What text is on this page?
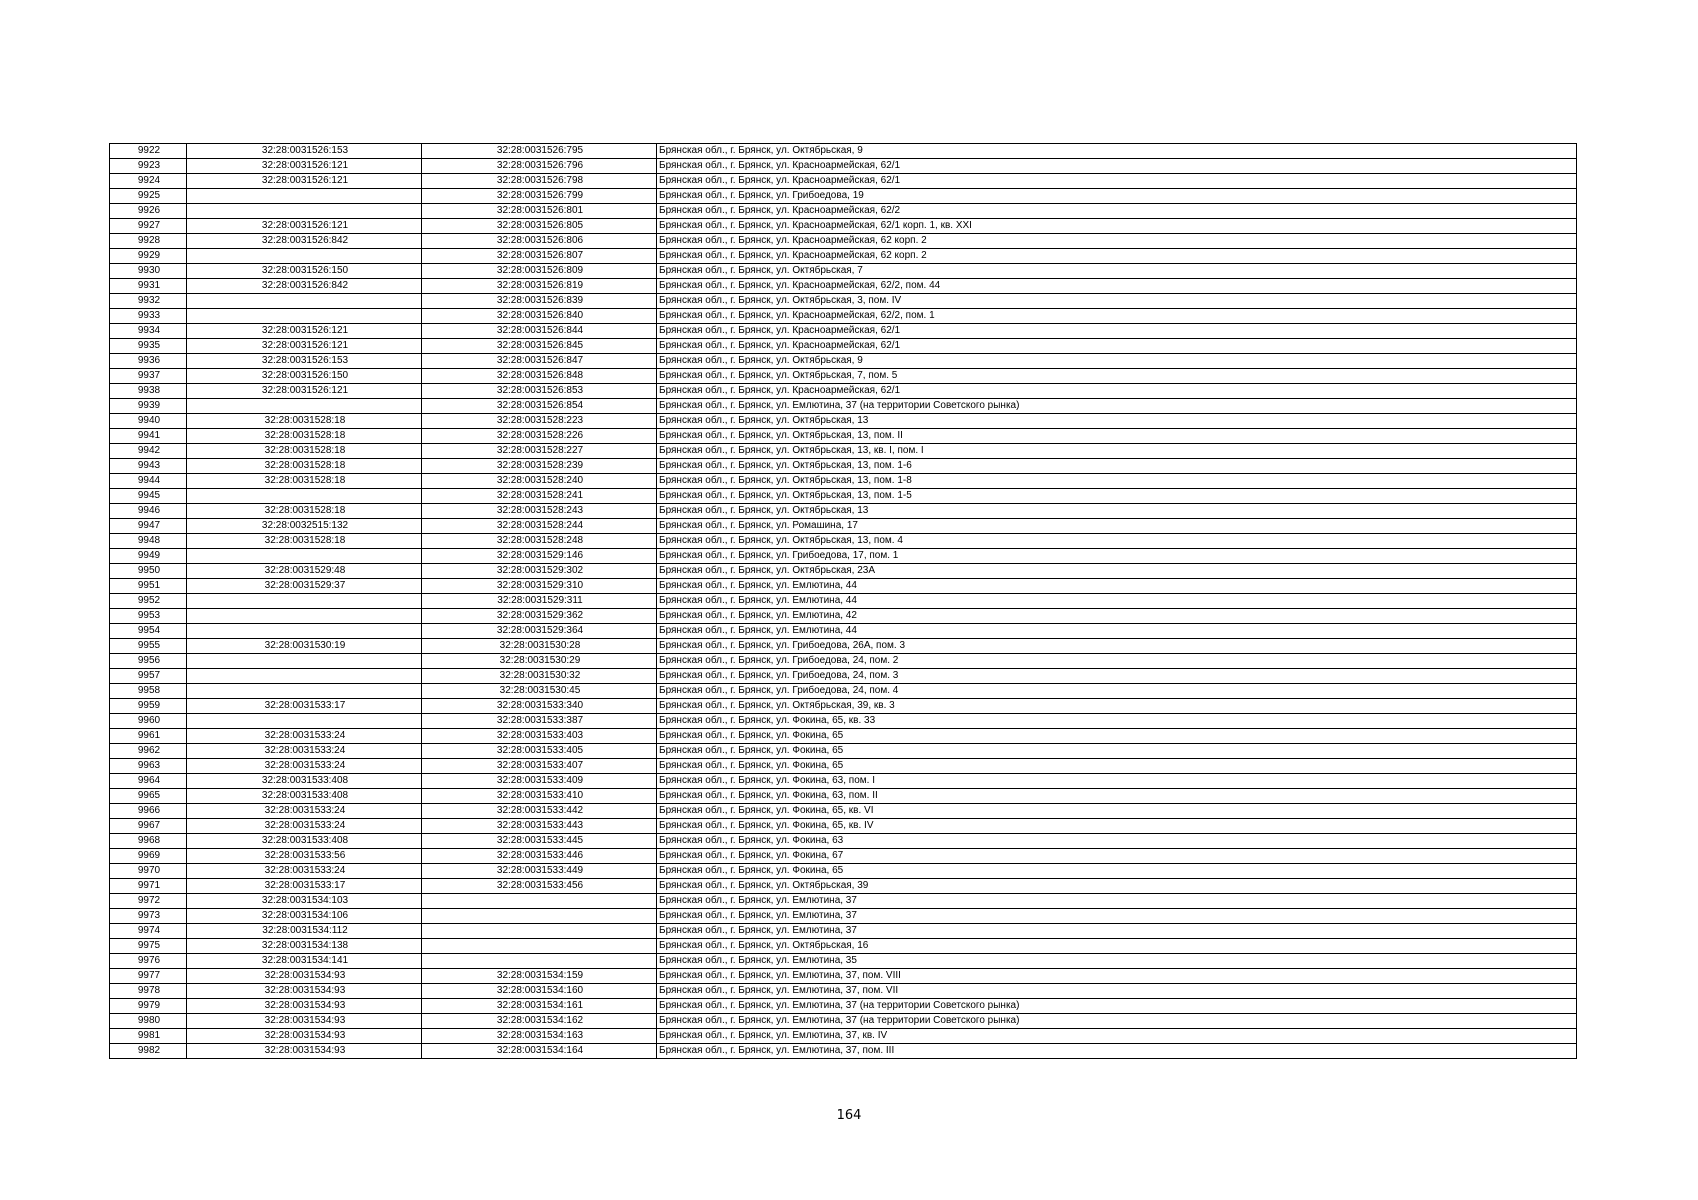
9922	32:28:0031526:153	32:28:0031526:795	Брянская обл., г. Брянск, ул. Октябрьская, 9
9923	32:28:0031526:121	32:28:0031526:796	Брянская обл., г. Брянск, ул. Красноармейская, 62/1
9924	32:28:0031526:121	32:28:0031526:798	Брянская обл., г. Брянск, ул. Красноармейская, 62/1
9925		32:28:0031526:799	Брянская обл., г. Брянск, ул. Грибоедова, 19
9926		32:28:0031526:801	Брянская обл., г. Брянск, ул. Красноармейская, 62/2
9927	32:28:0031526:121	32:28:0031526:805	Брянская обл., г. Брянск, ул. Красноармейская, 62/1 корп. 1, кв. XXI
9928	32:28:0031526:842	32:28:0031526:806	Брянская обл., г. Брянск, ул. Красноармейская, 62 корп. 2
9929		32:28:0031526:807	Брянская обл., г. Брянск, ул. Красноармейская, 62 корп. 2
9930	32:28:0031526:150	32:28:0031526:809	Брянская обл., г. Брянск, ул. Октябрьская, 7
9931	32:28:0031526:842	32:28:0031526:819	Брянская обл., г. Брянск, ул. Красноармейская, 62/2, пом. 44
9932		32:28:0031526:839	Брянская обл., г. Брянск, ул. Октябрьская, 3, пом. IV
9933		32:28:0031526:840	Брянская обл., г. Брянск, ул. Красноармейская, 62/2, пом. 1
9934	32:28:0031526:121	32:28:0031526:844	Брянская обл., г. Брянск, ул. Красноармейская, 62/1
9935	32:28:0031526:121	32:28:0031526:845	Брянская обл., г. Брянск, ул. Красноармейская, 62/1
9936	32:28:0031526:153	32:28:0031526:847	Брянская обл., г. Брянск, ул. Октябрьская, 9
9937	32:28:0031526:150	32:28:0031526:848	Брянская обл., г. Брянск, ул. Октябрьская, 7, пом. 5
9938	32:28:0031526:121	32:28:0031526:853	Брянская обл., г. Брянск, ул. Красноармейская, 62/1
9939		32:28:0031526:854	Брянская обл., г. Брянск, ул. Емлютина, 37 (на территории Советского рынка)
9940	32:28:0031528:18	32:28:0031528:223	Брянская обл., г. Брянск, ул. Октябрьская, 13
9941	32:28:0031528:18	32:28:0031528:226	Брянская обл., г. Брянск, ул. Октябрьская, 13, пом. II
9942	32:28:0031528:18	32:28:0031528:227	Брянская обл., г. Брянск, ул. Октябрьская, 13, кв. I, пом. I
9943	32:28:0031528:18	32:28:0031528:239	Брянская обл., г. Брянск, ул. Октябрьская, 13, пом. 1-6
9944	32:28:0031528:18	32:28:0031528:240	Брянская обл., г. Брянск, ул. Октябрьская, 13, пом. 1-8
9945		32:28:0031528:241	Брянская обл., г. Брянск, ул. Октябрьская, 13, пом. 1-5
9946	32:28:0031528:18	32:28:0031528:243	Брянская обл., г. Брянск, ул. Октябрьская, 13
9947	32:28:0032515:132	32:28:0031528:244	Брянская обл., г. Брянск, ул. Ромашина, 17
9948	32:28:0031528:18	32:28:0031528:248	Брянская обл., г. Брянск, ул. Октябрьская, 13, пом. 4
9949		32:28:0031529:146	Брянская обл., г. Брянск, ул. Грибоедова, 17, пом. 1
9950	32:28:0031529:48	32:28:0031529:302	Брянская обл., г. Брянск, ул. Октябрьская, 23А
9951	32:28:0031529:37	32:28:0031529:310	Брянская обл., г. Брянск, ул. Емлютина, 44
9952		32:28:0031529:311	Брянская обл., г. Брянск, ул. Емлютина, 44
9953		32:28:0031529:362	Брянская обл., г. Брянск, ул. Емлютина, 42
9954		32:28:0031529:364	Брянская обл., г. Брянск, ул. Емлютина, 44
9955	32:28:0031530:19	32:28:0031530:28	Брянская обл., г. Брянск, ул. Грибоедова, 26А, пом. 3
9956		32:28:0031530:29	Брянская обл., г. Брянск, ул. Грибоедова, 24, пом. 2
9957		32:28:0031530:32	Брянская обл., г. Брянск, ул. Грибоедова, 24, пом. 3
9958		32:28:0031530:45	Брянская обл., г. Брянск, ул. Грибоедова, 24, пом. 4
9959	32:28:0031533:17	32:28:0031533:340	Брянская обл., г. Брянск, ул. Октябрьская, 39, кв. 3
9960		32:28:0031533:387	Брянская обл., г. Брянск, ул. Фокина, 65, кв. 33
9961	32:28:0031533:24	32:28:0031533:403	Брянская обл., г. Брянск, ул. Фокина, 65
9962	32:28:0031533:24	32:28:0031533:405	Брянская обл., г. Брянск, ул. Фокина, 65
9963	32:28:0031533:24	32:28:0031533:407	Брянская обл., г. Брянск, ул. Фокина, 65
9964	32:28:0031533:408	32:28:0031533:409	Брянская обл., г. Брянск, ул. Фокина, 63, пом. I
9965	32:28:0031533:408	32:28:0031533:410	Брянская обл., г. Брянск, ул. Фокина, 63, пом. II
9966	32:28:0031533:24	32:28:0031533:442	Брянская обл., г. Брянск, ул. Фокина, 65, кв. VI
9967	32:28:0031533:24	32:28:0031533:443	Брянская обл., г. Брянск, ул. Фокина, 65, кв. IV
9968	32:28:0031533:408	32:28:0031533:445	Брянская обл., г. Брянск, ул. Фокина, 63
9969	32:28:0031533:56	32:28:0031533:446	Брянская обл., г. Брянск, ул. Фокина, 67
9970	32:28:0031533:24	32:28:0031533:449	Брянская обл., г. Брянск, ул. Фокина, 65
9971	32:28:0031533:17	32:28:0031533:456	Брянская обл., г. Брянск, ул. Октябрьская, 39
9972	32:28:0031534:103		Брянская обл., г. Брянск, ул. Емлютина, 37
9973	32:28:0031534:106		Брянская обл., г. Брянск, ул. Емлютина, 37
9974	32:28:0031534:112		Брянская обл., г. Брянск, ул. Емлютина, 37
9975	32:28:0031534:138		Брянская обл., г. Брянск, ул. Октябрьская, 16
9976	32:28:0031534:141		Брянская обл., г. Брянск, ул. Емлютина, 35
9977	32:28:0031534:93	32:28:0031534:159	Брянская обл., г. Брянск, ул. Емлютина, 37, пом. VIII
9978	32:28:0031534:93	32:28:0031534:160	Брянская обл., г. Брянск, ул. Емлютина, 37, пом. VII
9979	32:28:0031534:93	32:28:0031534:161	Брянская обл., г. Брянск, ул. Емлютина, 37 (на территории Советского рынка)
9980	32:28:0031534:93	32:28:0031534:162	Брянская обл., г. Брянск, ул. Емлютина, 37 (на территории Советского рынка)
9981	32:28:0031534:93	32:28:0031534:163	Брянская обл., г. Брянск, ул. Емлютина, 37, кв. IV
9982	32:28:0031534:93	32:28:0031534:164	Брянская обл., г. Брянск, ул. Емлютина, 37, пом. III
164
